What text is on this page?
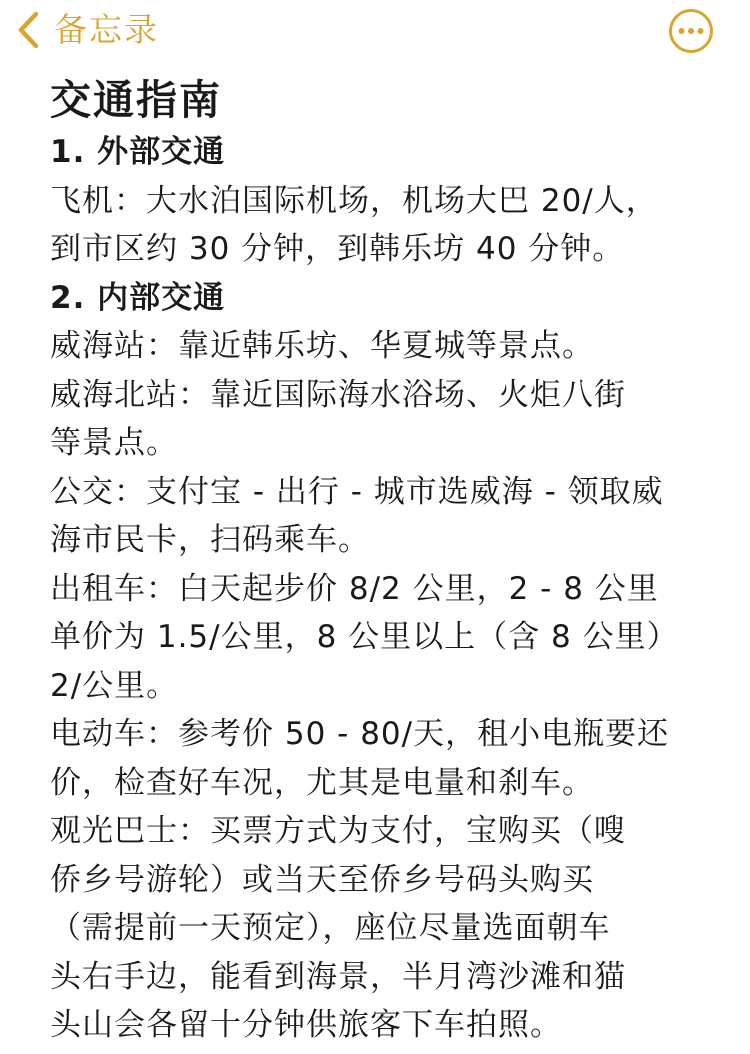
备忘录
交通指南

1. 外部交通

飞机：大水泊国际机场，机场大巴 20/人，

到市区约 30 分钟，到韩乐坊 40 分钟。

2. 内部交通

威海站：靠近韩乐坊、华夏城等景点。

威海北站：靠近国际海水浴场、火炬八街

等景点。

公交：支付宝 - 出行 - 城市选威海 - 领取威

海市民卡，扫码乘车。

出租车：白天起步价 8/2 公里，2 - 8 公里

单价为 1.5/公里，8 公里以上（含 8 公里）

2/公里。

电动车：参考价 50 - 80/天，租小电瓶要还

价，检查好车况，尤其是电量和刹车。

观光巴士：买票方式为支付，宝购买（嗖

侨乡号游轮）或当天至侨乡号码头购买

（需提前一天预定），座位尽量选面朝车

头右手边，能看到海景，半月湾沙滩和猫

头山会各留十分钟供旅客下车拍照。
